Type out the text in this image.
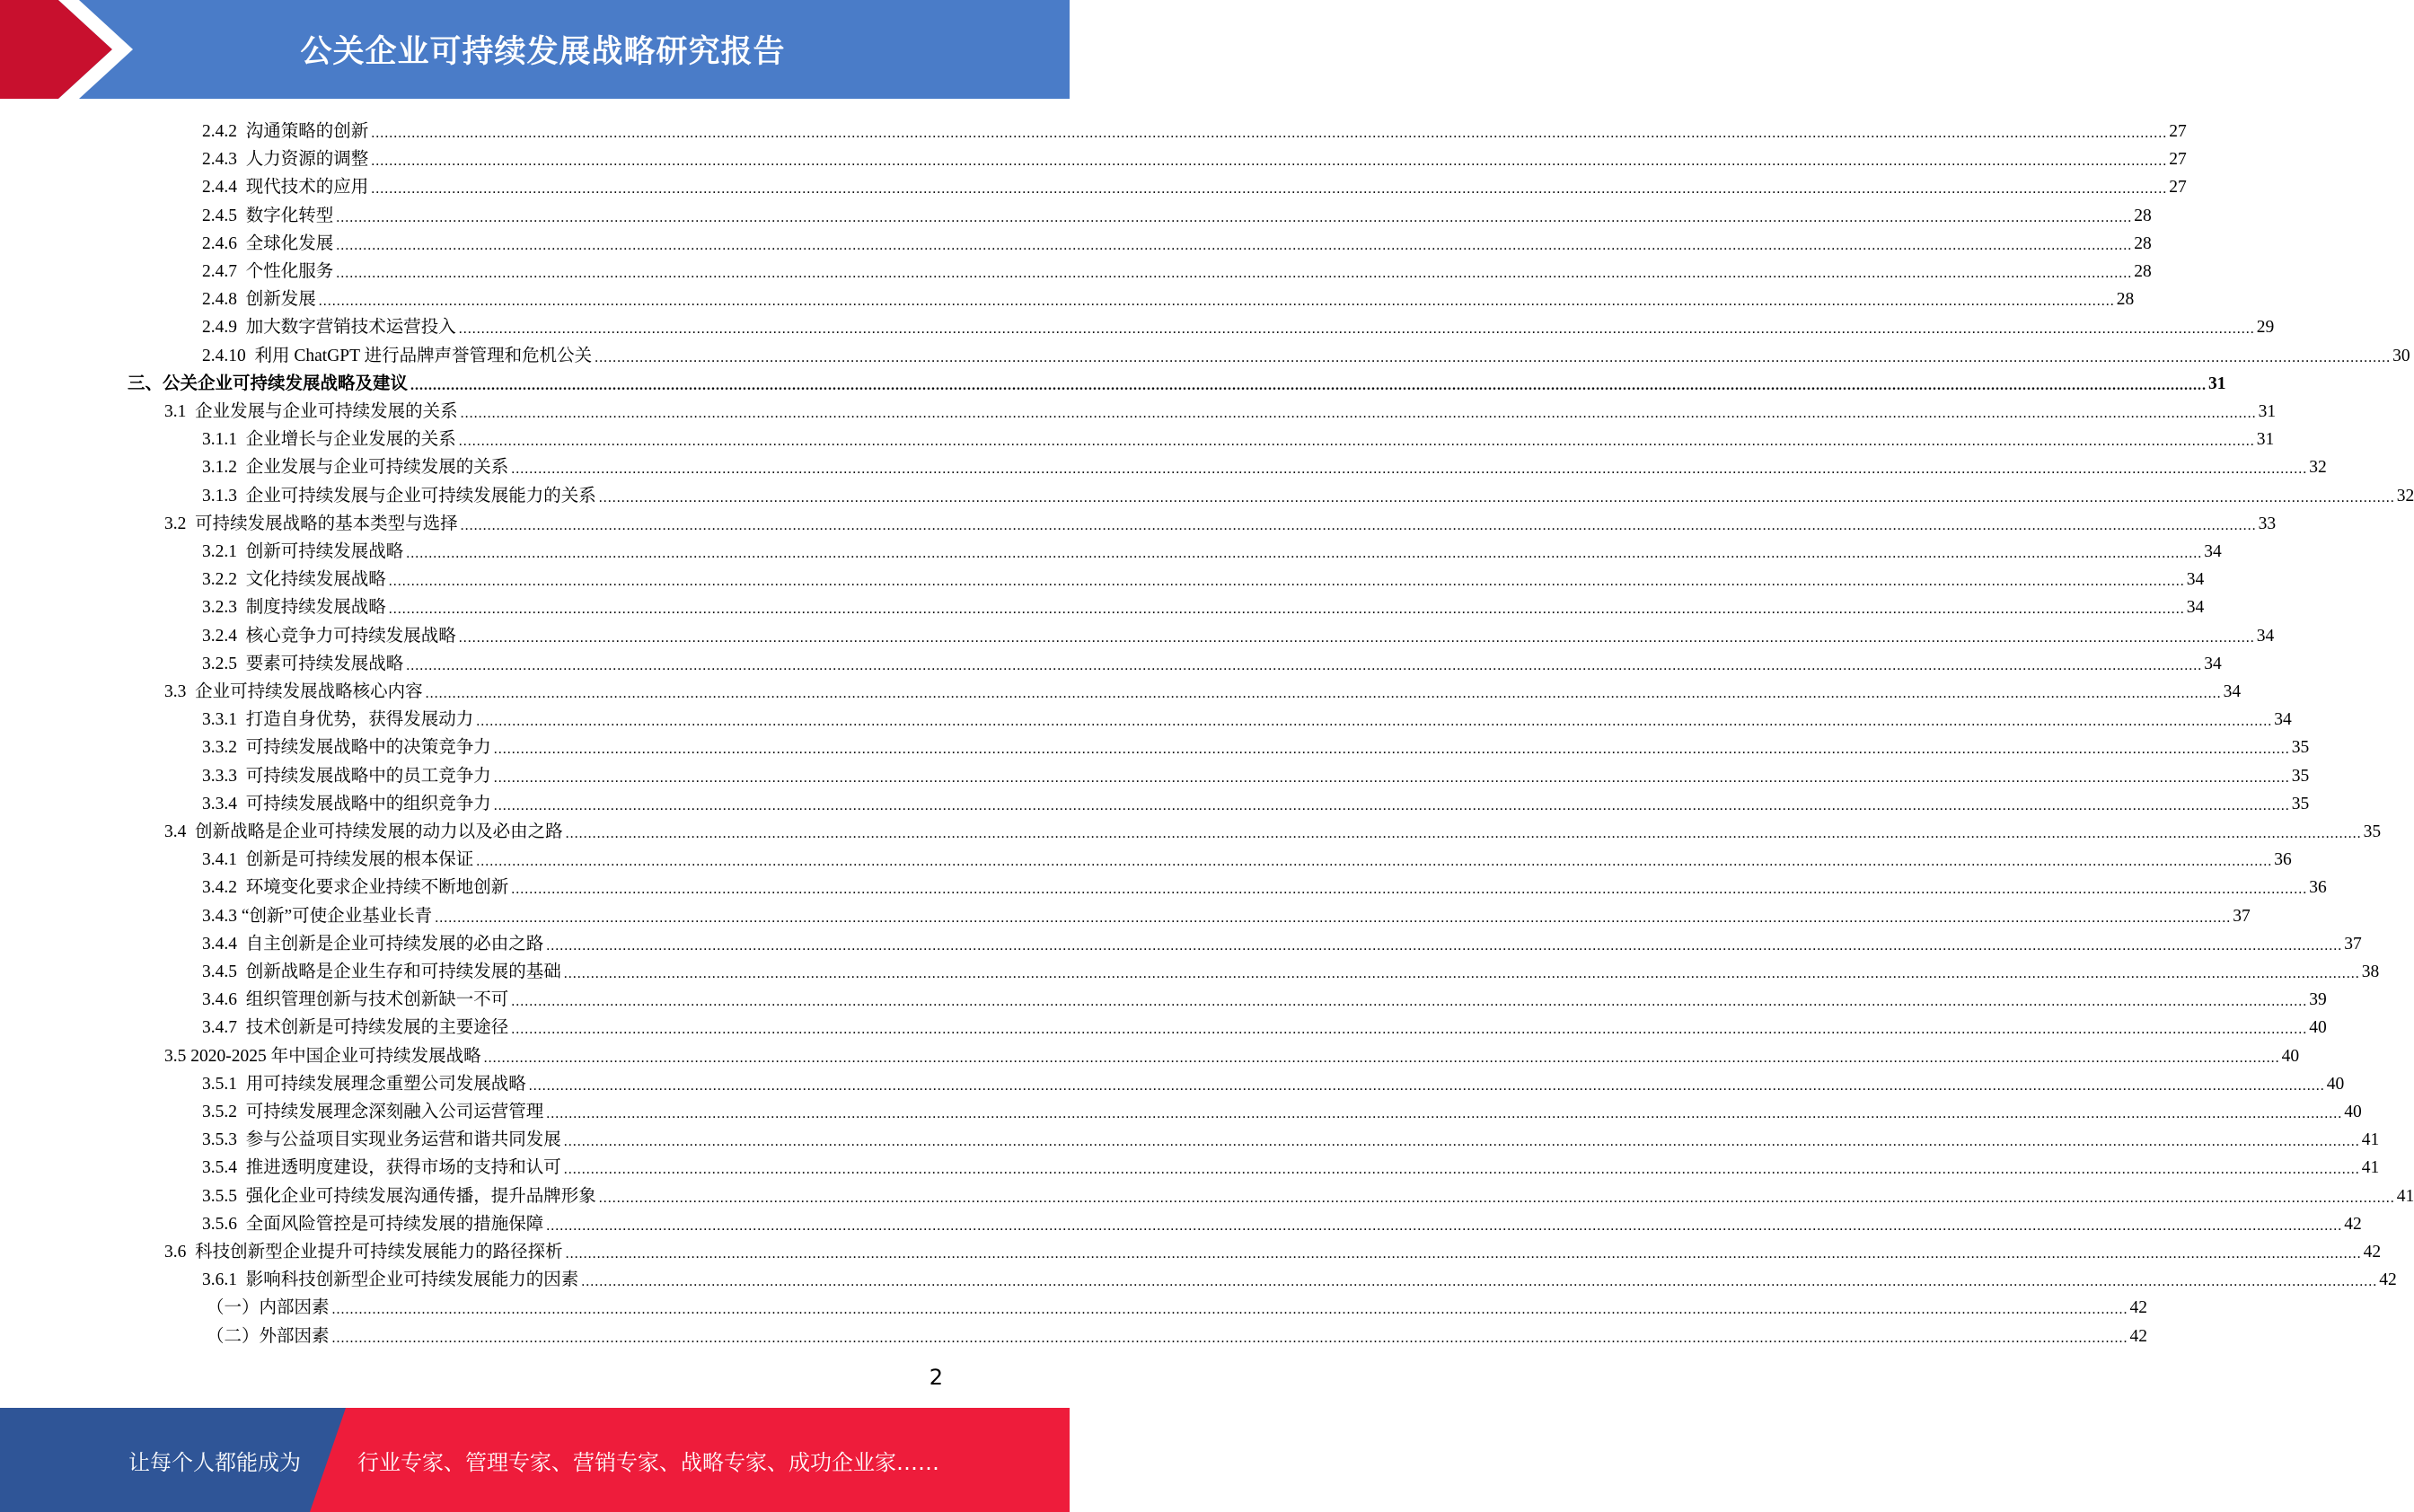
公关企业可持续发展战略研究报告
2.4.2  沟通策略的创新 ................................................................................................................................................................................................................................................................................................................................................................................................................ 27
2.4.3  人力资源的调整 ................................................................................................................................................................................................................................................................................................................................................................................................................ 27
2.4.4  现代技术的应用 ................................................................................................................................................................................................................................................................................................................................................................................................................ 27
2.4.5  数字化转型 ................................................................................................................................................................................................................................................................................................................................................................................................................ 28
2.4.6  全球化发展 ................................................................................................................................................................................................................................................................................................................................................................................................................ 28
2.4.7  个性化服务 ................................................................................................................................................................................................................................................................................................................................................................................................................ 28
2.4.8  创新发展 ................................................................................................................................................................................................................................................................................................................................................................................................................ 28
2.4.9  加大数字营销技术运营投入 ................................................................................................................................................................................................................................................................................................................................................................................................................ 29
2.4.10  利用 ChatGPT 进行品牌声誉管理和危机公关 ................................................................................................................................................................................................................................................................................................................................................................................................................ 30
三、公关企业可持续发展战略及建议 ................................................................................................................................................................................................................................................................................................................................................................................................................ 31
3.1  企业发展与企业可持续发展的关系 ................................................................................................................................................................................................................................................................................................................................................................................................................ 31
3.1.1  企业增长与企业发展的关系 ................................................................................................................................................................................................................................................................................................................................................................................................................ 31
3.1.2  企业发展与企业可持续发展的关系 ................................................................................................................................................................................................................................................................................................................................................................................................................ 32
3.1.3  企业可持续发展与企业可持续发展能力的关系 ................................................................................................................................................................................................................................................................................................................................................................................................................ 32
3.2  可持续发展战略的基本类型与选择 ................................................................................................................................................................................................................................................................................................................................................................................................................ 33
3.2.1  创新可持续发展战略 ................................................................................................................................................................................................................................................................................................................................................................................................................ 34
3.2.2  文化持续发展战略 ................................................................................................................................................................................................................................................................................................................................................................................................................ 34
3.2.3  制度持续发展战略 ................................................................................................................................................................................................................................................................................................................................................................................................................ 34
3.2.4  核心竞争力可持续发展战略 ................................................................................................................................................................................................................................................................................................................................................................................................................ 34
3.2.5  要素可持续发展战略 ................................................................................................................................................................................................................................................................................................................................................................................................................ 34
3.3  企业可持续发展战略核心内容 ................................................................................................................................................................................................................................................................................................................................................................................................................ 34
3.3.1  打造自身优势，获得发展动力 ................................................................................................................................................................................................................................................................................................................................................................................................................ 34
3.3.2  可持续发展战略中的决策竞争力 ................................................................................................................................................................................................................................................................................................................................................................................................................ 35
3.3.3  可持续发展战略中的员工竞争力 ................................................................................................................................................................................................................................................................................................................................................................................................................ 35
3.3.4  可持续发展战略中的组织竞争力 ................................................................................................................................................................................................................................................................................................................................................................................................................ 35
3.4  创新战略是企业可持续发展的动力以及必由之路 ................................................................................................................................................................................................................................................................................................................................................................................................................ 35
3.4.1  创新是可持续发展的根本保证 ................................................................................................................................................................................................................................................................................................................................................................................................................ 36
3.4.2  环境变化要求企业持续不断地创新 ................................................................................................................................................................................................................................................................................................................................................................................................................ 36
3.4.3 “创新”可使企业基业长青 ................................................................................................................................................................................................................................................................................................................................................................................................................ 37
3.4.4  自主创新是企业可持续发展的必由之路 ................................................................................................................................................................................................................................................................................................................................................................................................................ 37
3.4.5  创新战略是企业生存和可持续发展的基础 ................................................................................................................................................................................................................................................................................................................................................................................................................ 38
3.4.6  组织管理创新与技术创新缺一不可 ................................................................................................................................................................................................................................................................................................................................................................................................................ 39
3.4.7  技术创新是可持续发展的主要途径 ................................................................................................................................................................................................................................................................................................................................................................................................................ 40
3.5 2020-2025 年中国企业可持续发展战略 ................................................................................................................................................................................................................................................................................................................................................................................................................ 40
3.5.1  用可持续发展理念重塑公司发展战略 ................................................................................................................................................................................................................................................................................................................................................................................................................ 40
3.5.2  可持续发展理念深刻融入公司运营管理 ................................................................................................................................................................................................................................................................................................................................................................................................................ 40
3.5.3  参与公益项目实现业务运营和谐共同发展 ................................................................................................................................................................................................................................................................................................................................................................................................................ 41
3.5.4  推进透明度建设，获得市场的支持和认可 ................................................................................................................................................................................................................................................................................................................................................................................................................ 41
3.5.5  强化企业可持续发展沟通传播，提升品牌形象 ................................................................................................................................................................................................................................................................................................................................................................................................................ 41
3.5.6  全面风险管控是可持续发展的措施保障 ................................................................................................................................................................................................................................................................................................................................................................................................................ 42
3.6  科技创新型企业提升可持续发展能力的路径探析 ................................................................................................................................................................................................................................................................................................................................................................................................................ 42
3.6.1  影响科技创新型企业可持续发展能力的因素 ................................................................................................................................................................................................................................................................................................................................................................................................................ 42
（一）内部因素 ................................................................................................................................................................................................................................................................................................................................................................................................................ 42
（二）外部因素 ................................................................................................................................................................................................................................................................................................................................................................................................................ 42
2
让每个人都能成为	行业专家、管理专家、营销专家、战略专家、成功企业家……
